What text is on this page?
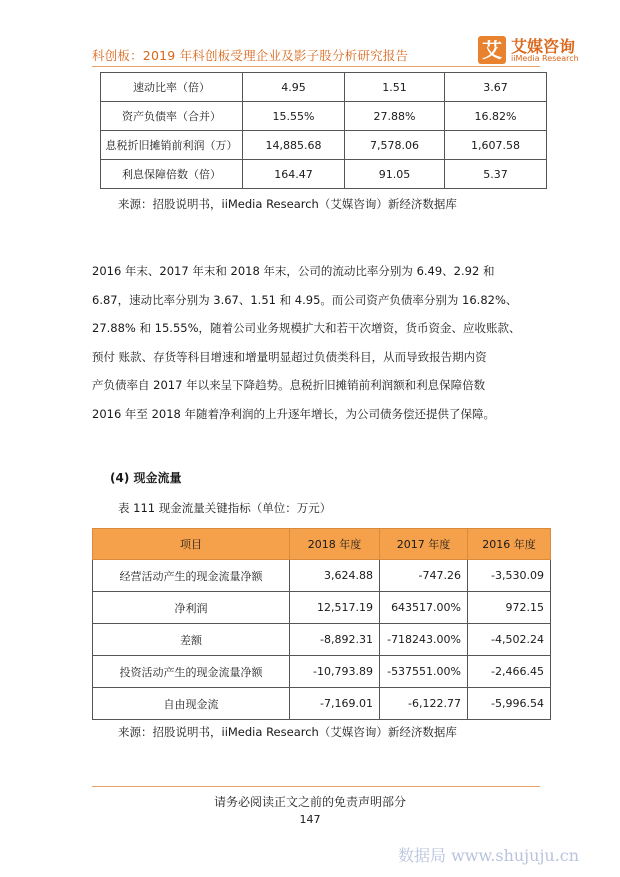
科创板：2019 年科创板受理企业及影子股分析研究报告	艾 艾媒咨询
iiMedia Research
速动比率（倍）	4.95	1.51	3.67
资产负债率（合并）	15.55%	27.88%	16.82%
息税折旧摊销前利润（万）	14,885.68	7,578.06	1,607.58
利息保障倍数（倍）	164.47	91.05	5.37
来源：招股说明书，iiMedia Research（艾媒咨询）新经济数据库
2016 年末、2017 年末和 2018 年末，公司的流动比率分别为 6.49、2.92 和
6.87，速动比率分别为 3.67、1.51 和 4.95。而公司资产负债率分别为 16.82%、
27.88% 和 15.55%，随着公司业务规模扩大和若干次增资，货币资金、应收账款、
预付 账款、存货等科目增速和增量明显超过负债类科目，从而导致报告期内资
产负债率自 2017 年以来呈下降趋势。息税折旧摊销前利润额和利息保障倍数
2016 年至 2018 年随着净利润的上升逐年增长，为公司债务偿还提供了保障。
(4) 现金流量
表 111 现金流量关键指标（单位：万元）
项目	2018 年度	2017 年度	2016 年度
经营活动产生的现金流量净额	3,624.88	-747.26	-3,530.09
净利润	12,517.19	643517.00%	972.15
差额	-8,892.31	-718243.00%	-4,502.24
投资活动产生的现金流量净额	-10,793.89	-537551.00%	-2,466.45
自由现金流	-7,169.01	-6,122.77	-5,996.54
来源：招股说明书，iiMedia Research（艾媒咨询）新经济数据库
请务必阅读正文之前的免责声明部分
147
数据局 www.shujuju.cn
